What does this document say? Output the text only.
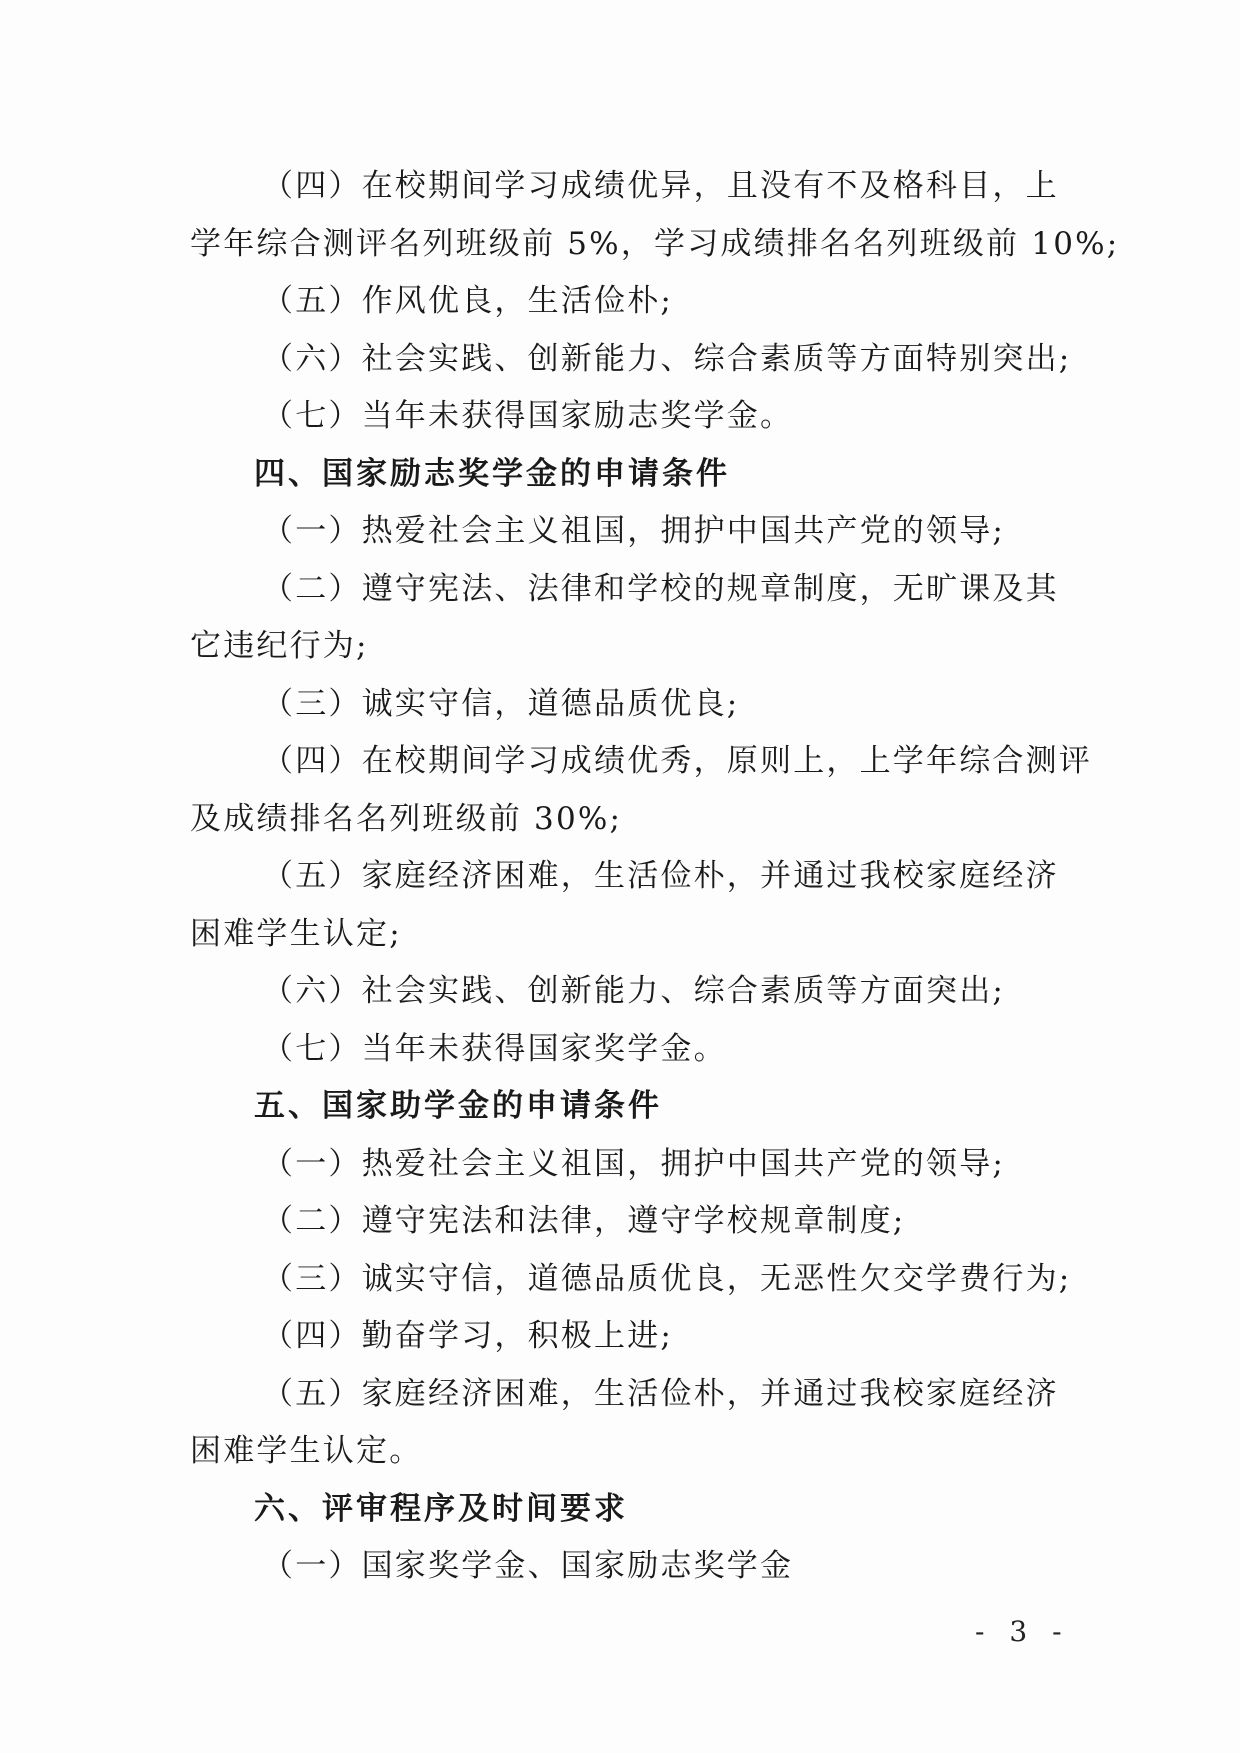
（四）在校期间学习成绩优异，且没有不及格科目，上
学年综合测评名列班级前 5%，学习成绩排名名列班级前 10%;
（五）作风优良，生活俭朴;
（六）社会实践、创新能力、综合素质等方面特别突出;
（七）当年未获得国家励志奖学金。
四、国家励志奖学金的申请条件
（一）热爱社会主义祖国，拥护中国共产党的领导;
（二）遵守宪法、法律和学校的规章制度，无旷课及其
它违纪行为;
（三）诚实守信，道德品质优良;
（四）在校期间学习成绩优秀，原则上，上学年综合测评
及成绩排名名列班级前 30%;
（五）家庭经济困难，生活俭朴，并通过我校家庭经济
困难学生认定;
（六）社会实践、创新能力、综合素质等方面突出;
（七）当年未获得国家奖学金。
五、国家助学金的申请条件
（一）热爱社会主义祖国，拥护中国共产党的领导;
（二）遵守宪法和法律，遵守学校规章制度;
（三）诚实守信，道德品质优良，无恶性欠交学费行为;
（四）勤奋学习，积极上进;
（五）家庭经济困难，生活俭朴，并通过我校家庭经济
困难学生认定。
六、评审程序及时间要求
（一）国家奖学金、国家励志奖学金
- 3 -
